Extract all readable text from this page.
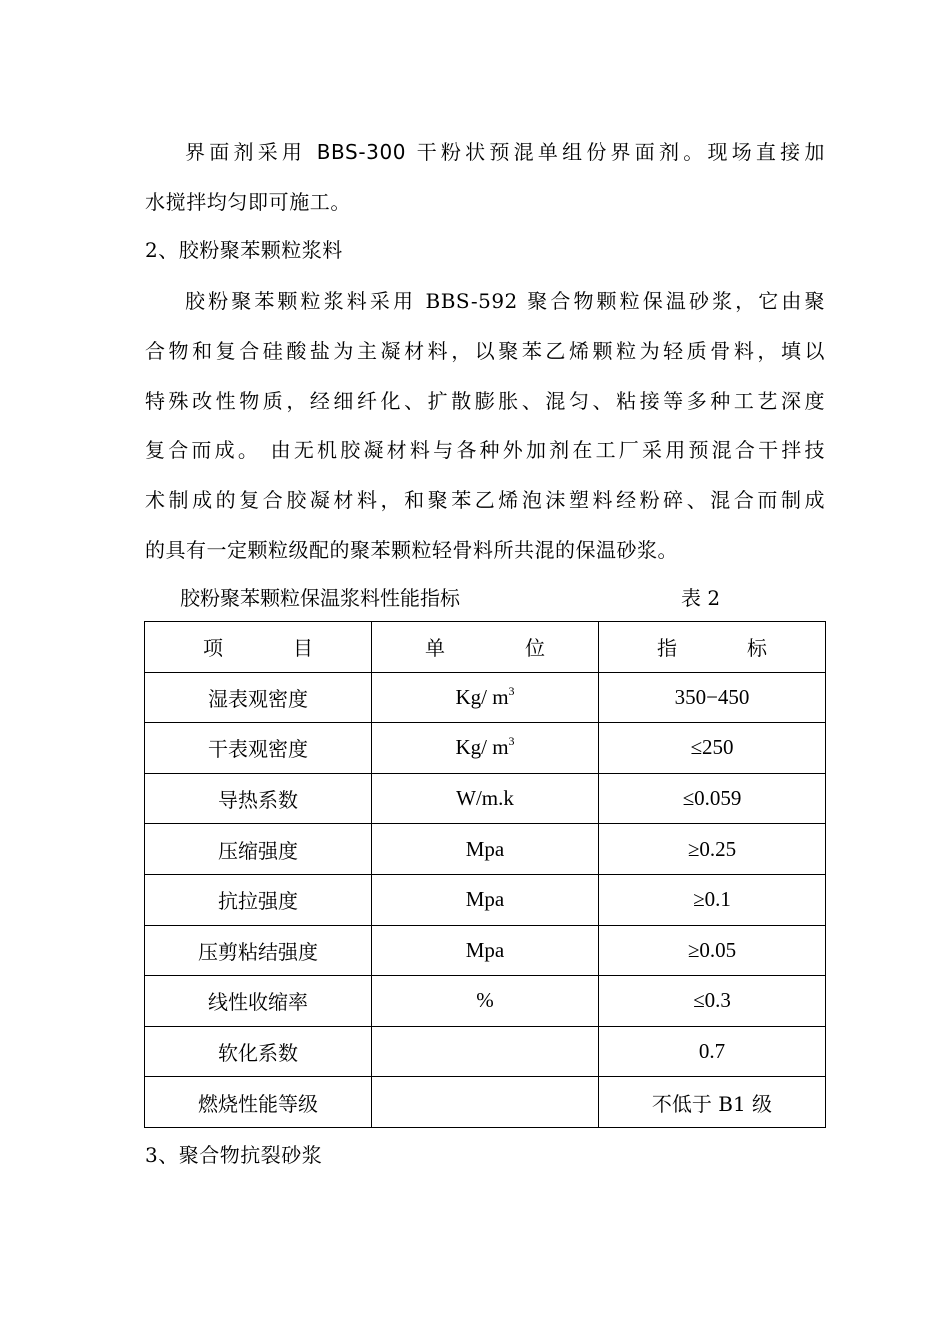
界面剂采用 BBS-300 干粉状预混单组份界面剂。现场直接加
水搅拌均匀即可施工。
2、胶粉聚苯颗粒浆料
胶粉聚苯颗粒浆料采用 BBS-592 聚合物颗粒保温砂浆，它由聚
合物和复合硅酸盐为主凝材料，以聚苯乙烯颗粒为轻质骨料，填以
特殊改性物质，经细纤化、扩散膨胀、混匀、粘接等多种工艺深度
复合而成。 由无机胶凝材料与各种外加剂在工厂采用预混合干拌技
术制成的复合胶凝材料，和聚苯乙烯泡沫塑料经粉碎、混合而制成
的具有一定颗粒级配的聚苯颗粒轻骨料所共混的保温砂浆。
胶粉聚苯颗粒保温浆料性能指标	表 2
项目	单位	指标
湿表观密度	Kg/ $m^3$	350−450
干表观密度	Kg/ $m^3$	≤250
导热系数	W/m.k	≤0.059
压缩强度	Mpa	≥0.25
抗拉强度	Mpa	≥0.1
压剪粘结强度	Mpa	≥0.05
线性收缩率	%	≤0.3
软化系数		0.7
燃烧性能等级		不低于 B1 级
3、聚合物抗裂砂浆
